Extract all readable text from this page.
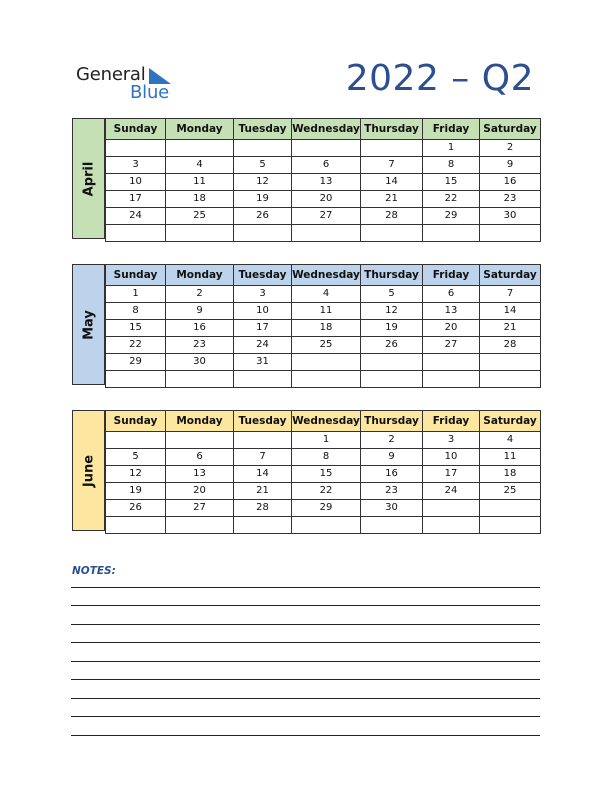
General
Blue	2022 – Q2
April
Sunday	Monday	Tuesday	Wednesday	Thursday	Friday	Saturday
					1	2
3	4	5	6	7	8	9
10	11	12	13	14	15	16
17	18	19	20	21	22	23
24	25	26	27	28	29	30

May
Sunday	Monday	Tuesday	Wednesday	Thursday	Friday	Saturday
1	2	3	4	5	6	7
8	9	10	11	12	13	14
15	16	17	18	19	20	21
22	23	24	25	26	27	28
29	30	31				

June
Sunday	Monday	Tuesday	Wednesday	Thursday	Friday	Saturday
			1	2	3	4
5	6	7	8	9	10	11
12	13	14	15	16	17	18
19	20	21	22	23	24	25
26	27	28	29	30		

NOTES:
